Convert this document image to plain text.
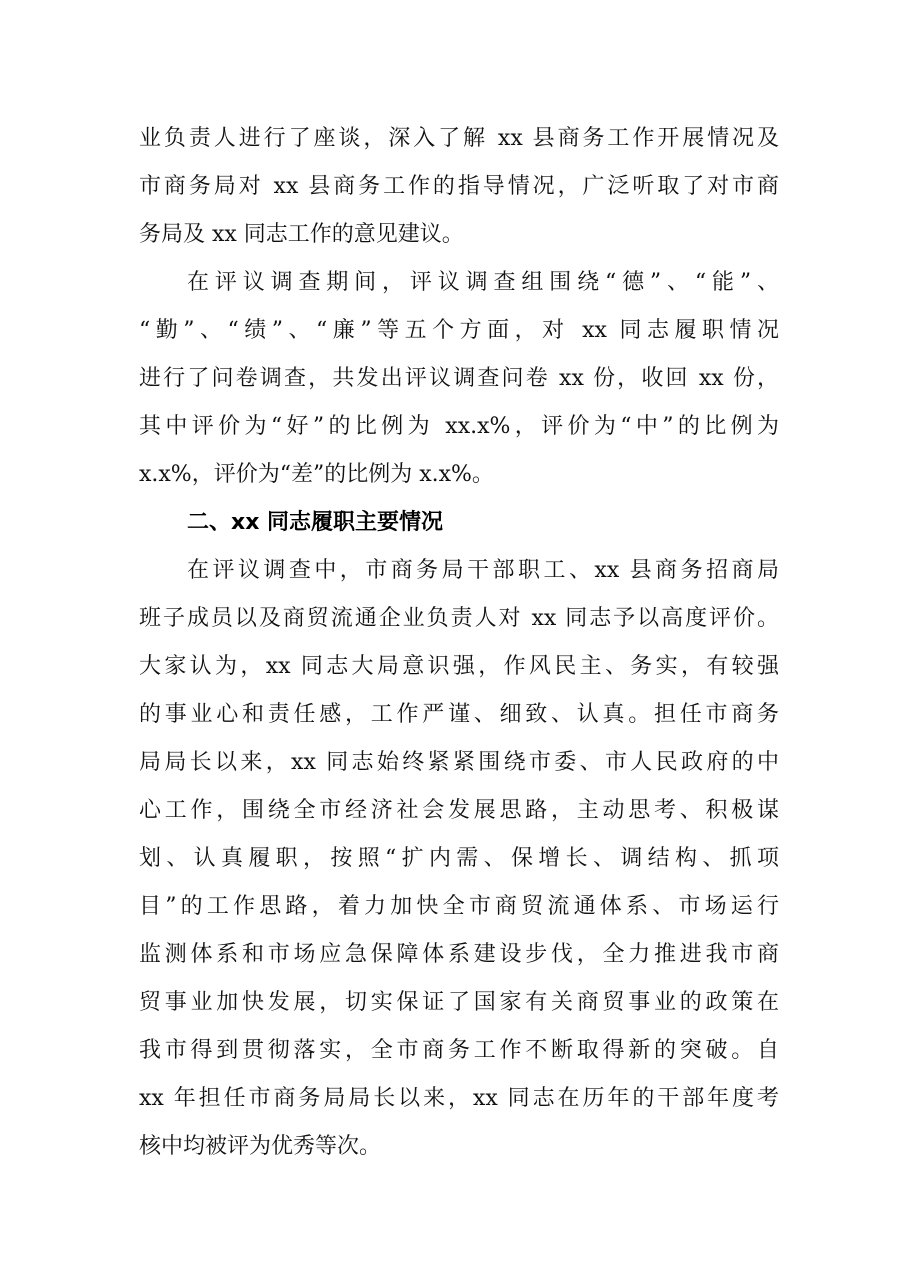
业负责人进行了座谈，深入了解 xx 县商务工作开展情况及
市商务局对 xx 县商务工作的指导情况，广泛听取了对市商
务局及 xx 同志工作的意见建议。
在评议调查期间，评议调查组围绕“德”、“能”、
“勤”、“绩”、“廉”等五个方面，对 xx 同志履职情况
进行了问卷调查，共发出评议调查问卷 xx 份，收回 xx 份，
其中评价为“好”的比例为 xx.x%，评价为“中”的比例为
x.x%，评价为“差”的比例为 x.x%。
二、xx 同志履职主要情况
在评议调查中，市商务局干部职工、xx 县商务招商局
班子成员以及商贸流通企业负责人对 xx 同志予以高度评价。
大家认为，xx 同志大局意识强，作风民主、务实，有较强
的事业心和责任感，工作严谨、细致、认真。担任市商务
局局长以来，xx 同志始终紧紧围绕市委、市人民政府的中
心工作，围绕全市经济社会发展思路，主动思考、积极谋
划、认真履职，按照“扩内需、保增长、调结构、抓项
目”的工作思路，着力加快全市商贸流通体系、市场运行
监测体系和市场应急保障体系建设步伐，全力推进我市商
贸事业加快发展，切实保证了国家有关商贸事业的政策在
我市得到贯彻落实，全市商务工作不断取得新的突破。自
xx 年担任市商务局局长以来，xx 同志在历年的干部年度考
核中均被评为优秀等次。
